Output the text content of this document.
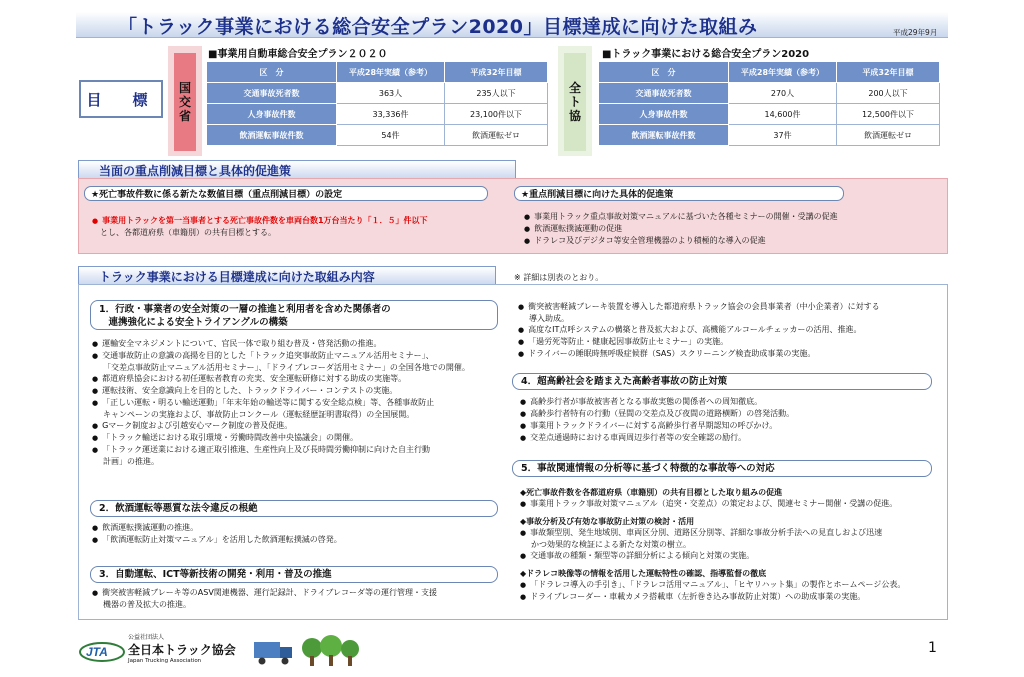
「トラック事業における総合安全プラン2020」目標達成に向けた取組み	平成29年9月
目　標
国
交
省
■事業用自動車総合安全プラン２０２０
区　分	平成28年実績（参考）	平成32年目標
交通事故死者数	363人	235人以下
人身事故件数	33,336件	23,100件以下
飲酒運転事故件数	54件	飲酒運転ゼロ
全
ト
協
■トラック事業における総合安全プラン2020
区　分	平成28年実績（参考）	平成32年目標
交通事故死者数	270人	200人以下
人身事故件数	14,600件	12,500件以下
飲酒運転事故件数	37件	飲酒運転ゼロ
当面の重点削減目標と具体的促進策
★死亡事故件数に係る新たな数値目標（重点削減目標）の設定
● 事業用トラックを第一当事者とする死亡事故件数を車両台数1万台当たり「１．５」件以下
とし、各都道府県（車籍別）の共有目標とする。
★重点削減目標に向けた具体的促進策
● 事業用トラック重点事故対策マニュアルに基づいた各種セミナーの開催・受講の促進
● 飲酒運転撲滅運動の促進
● ドラレコ及びデジタコ等安全管理機器のより積極的な導入の促進
トラック事業における目標達成に向けた取組み内容	※ 詳細は別表のとおり。
1．行政・事業者の安全対策の一層の推進と利用者を含めた関係者の
　連携強化による安全トライアングルの構築
● 運輸安全マネジメントについて、官民一体で取り組む普及・啓発活動の推進。
● 交通事故防止の意識の高揚を目的とした「トラック追突事故防止マニュアル活用セミナー」、
「交差点事故防止マニュアル活用セミナー」、「ドライブレコーダ活用セミナー」の全国各地での開催。
● 都道府県協会における初任運転者教育の充実、安全運転研修に対する助成の実施等。
● 運転技術、安全意識向上を目的とした、トラックドライバー・コンテストの実施。
● 「正しい運転・明るい輸送運動」「年末年始の輸送等に関する安全総点検」等、各種事故防止
キャンペーンの実施および、事故防止コンクール（運転経歴証明書取得）の全国展開。
● Gマーク制度および引越安心マーク制度の普及促進。
● 「トラック輸送における取引環境・労働時間改善中央協議会」の開催。
● 「トラック運送業における適正取引推進、生産性向上及び長時間労働抑制に向けた自主行動
計画」の推進。
2．飲酒運転等悪質な法令違反の根絶
● 飲酒運転撲滅運動の推進。
● 「飲酒運転防止対策マニュアル」を活用した飲酒運転撲滅の啓発。
3．自動運転、ICT等新技術の開発・利用・普及の推進
● 衝突被害軽減ブレーキ等のASV関連機器、運行記録計、ドライブレコーダ等の運行管理・支援
機器の普及拡大の推進。
● 衝突被害軽減ブレーキ装置を導入した都道府県トラック協会の会員事業者（中小企業者）に対する
導入助成。
● 高度なIT点呼システムの構築と普及拡大および、高機能アルコールチェッカーの活用、推進。
● 「過労死等防止・健康起因事故防止セミナー」の実施。
● ドライバーの睡眠時無呼吸症候群（SAS）スクリーニング検査助成事業の実施。
4．超高齢社会を踏まえた高齢者事故の防止対策
● 高齢歩行者が事故被害者となる事故実態の関係者への周知徹底。
● 高齢歩行者特有の行動（昼間の交差点及び夜間の道路横断）の啓発活動。
● 事業用トラックドライバーに対する高齢歩行者早期認知の呼びかけ。
● 交差点通過時における車両周辺歩行者等の安全確認の励行。
5．事故関連情報の分析等に基づく特徴的な事故等への対応
◆死亡事故件数を各都道府県（車籍別）の共有目標とした取り組みの促進
● 事業用トラック事故対策マニュアル（追突・交差点）の策定および、関連セミナー開催・受講の促進。
◆事故分析及び有効な事故防止対策の検討・活用
● 事故類型別、発生地域別、車両区分別、道路区分別等、詳細な事故分析手法への見直しおよび迅速
かつ効果的な検証による新たな対策の樹立。
● 交通事故の種類・類型等の詳細分析による傾向と対策の実施。
◆ドラレコ映像等の情報を活用した運転特性の確認、指導監督の徹底
● 「ドラレコ導入の手引き」、「ドラレコ活用マニュアル」、「ヒヤリハット集」の製作とホームページ公表。
● ドライブレコーダー・車載カメラ搭載車（左折巻き込み事故防止対策）への助成事業の実施。
JTA
公益社団法人
全日本トラック協会
Japan Trucking Association
1
